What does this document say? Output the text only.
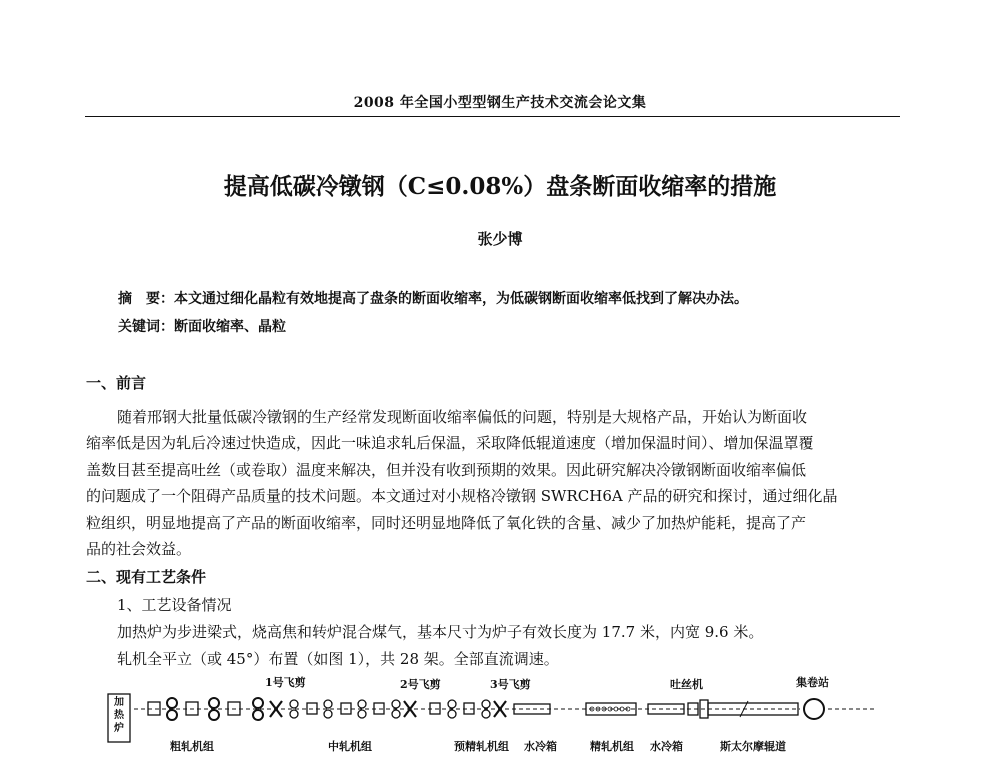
2008 年全国小型型钢生产技术交流会论文集
提高低碳冷镦钢（C≤0.08%）盘条断面收缩率的措施
张少博
摘　要：本文通过细化晶粒有效地提高了盘条的断面收缩率，为低碳钢断面收缩率低找到了解决办法。
关键词：断面收缩率、晶粒
一、前言
随着邢钢大批量低碳冷镦钢的生产经常发现断面收缩率偏低的问题，特别是大规格产品，开始认为断面收
缩率低是因为轧后冷速过快造成，因此一味追求轧后保温，采取降低辊道速度（增加保温时间）、增加保温罩覆
盖数目甚至提高吐丝（或卷取）温度来解决，但并没有收到预期的效果。因此研究解决冷镦钢断面收缩率偏低
的问题成了一个阻碍产品质量的技术问题。本文通过对小规格冷镦钢 SWRCH6A 产品的研究和探讨，通过细化晶
粒组织，明显地提高了产品的断面收缩率，同时还明显地降低了氧化铁的含量、减少了加热炉能耗，提高了产
品的社会效益。
二、现有工艺条件
1、工艺设备情况
加热炉为步进梁式，烧高焦和转炉混合煤气，基本尺寸为炉子有效长度为 17.7 米，内宽 9.6 米。
轧机全平立（或 45°）布置（如图 1），共 28 架。全部直流调速。
加热炉
1号飞剪	2号飞剪	3号飞剪	吐丝机	集卷站
粗轧机组	中轧机组	预精轧机组 水冷箱	精轧机组 水冷箱	斯太尔摩辊道
